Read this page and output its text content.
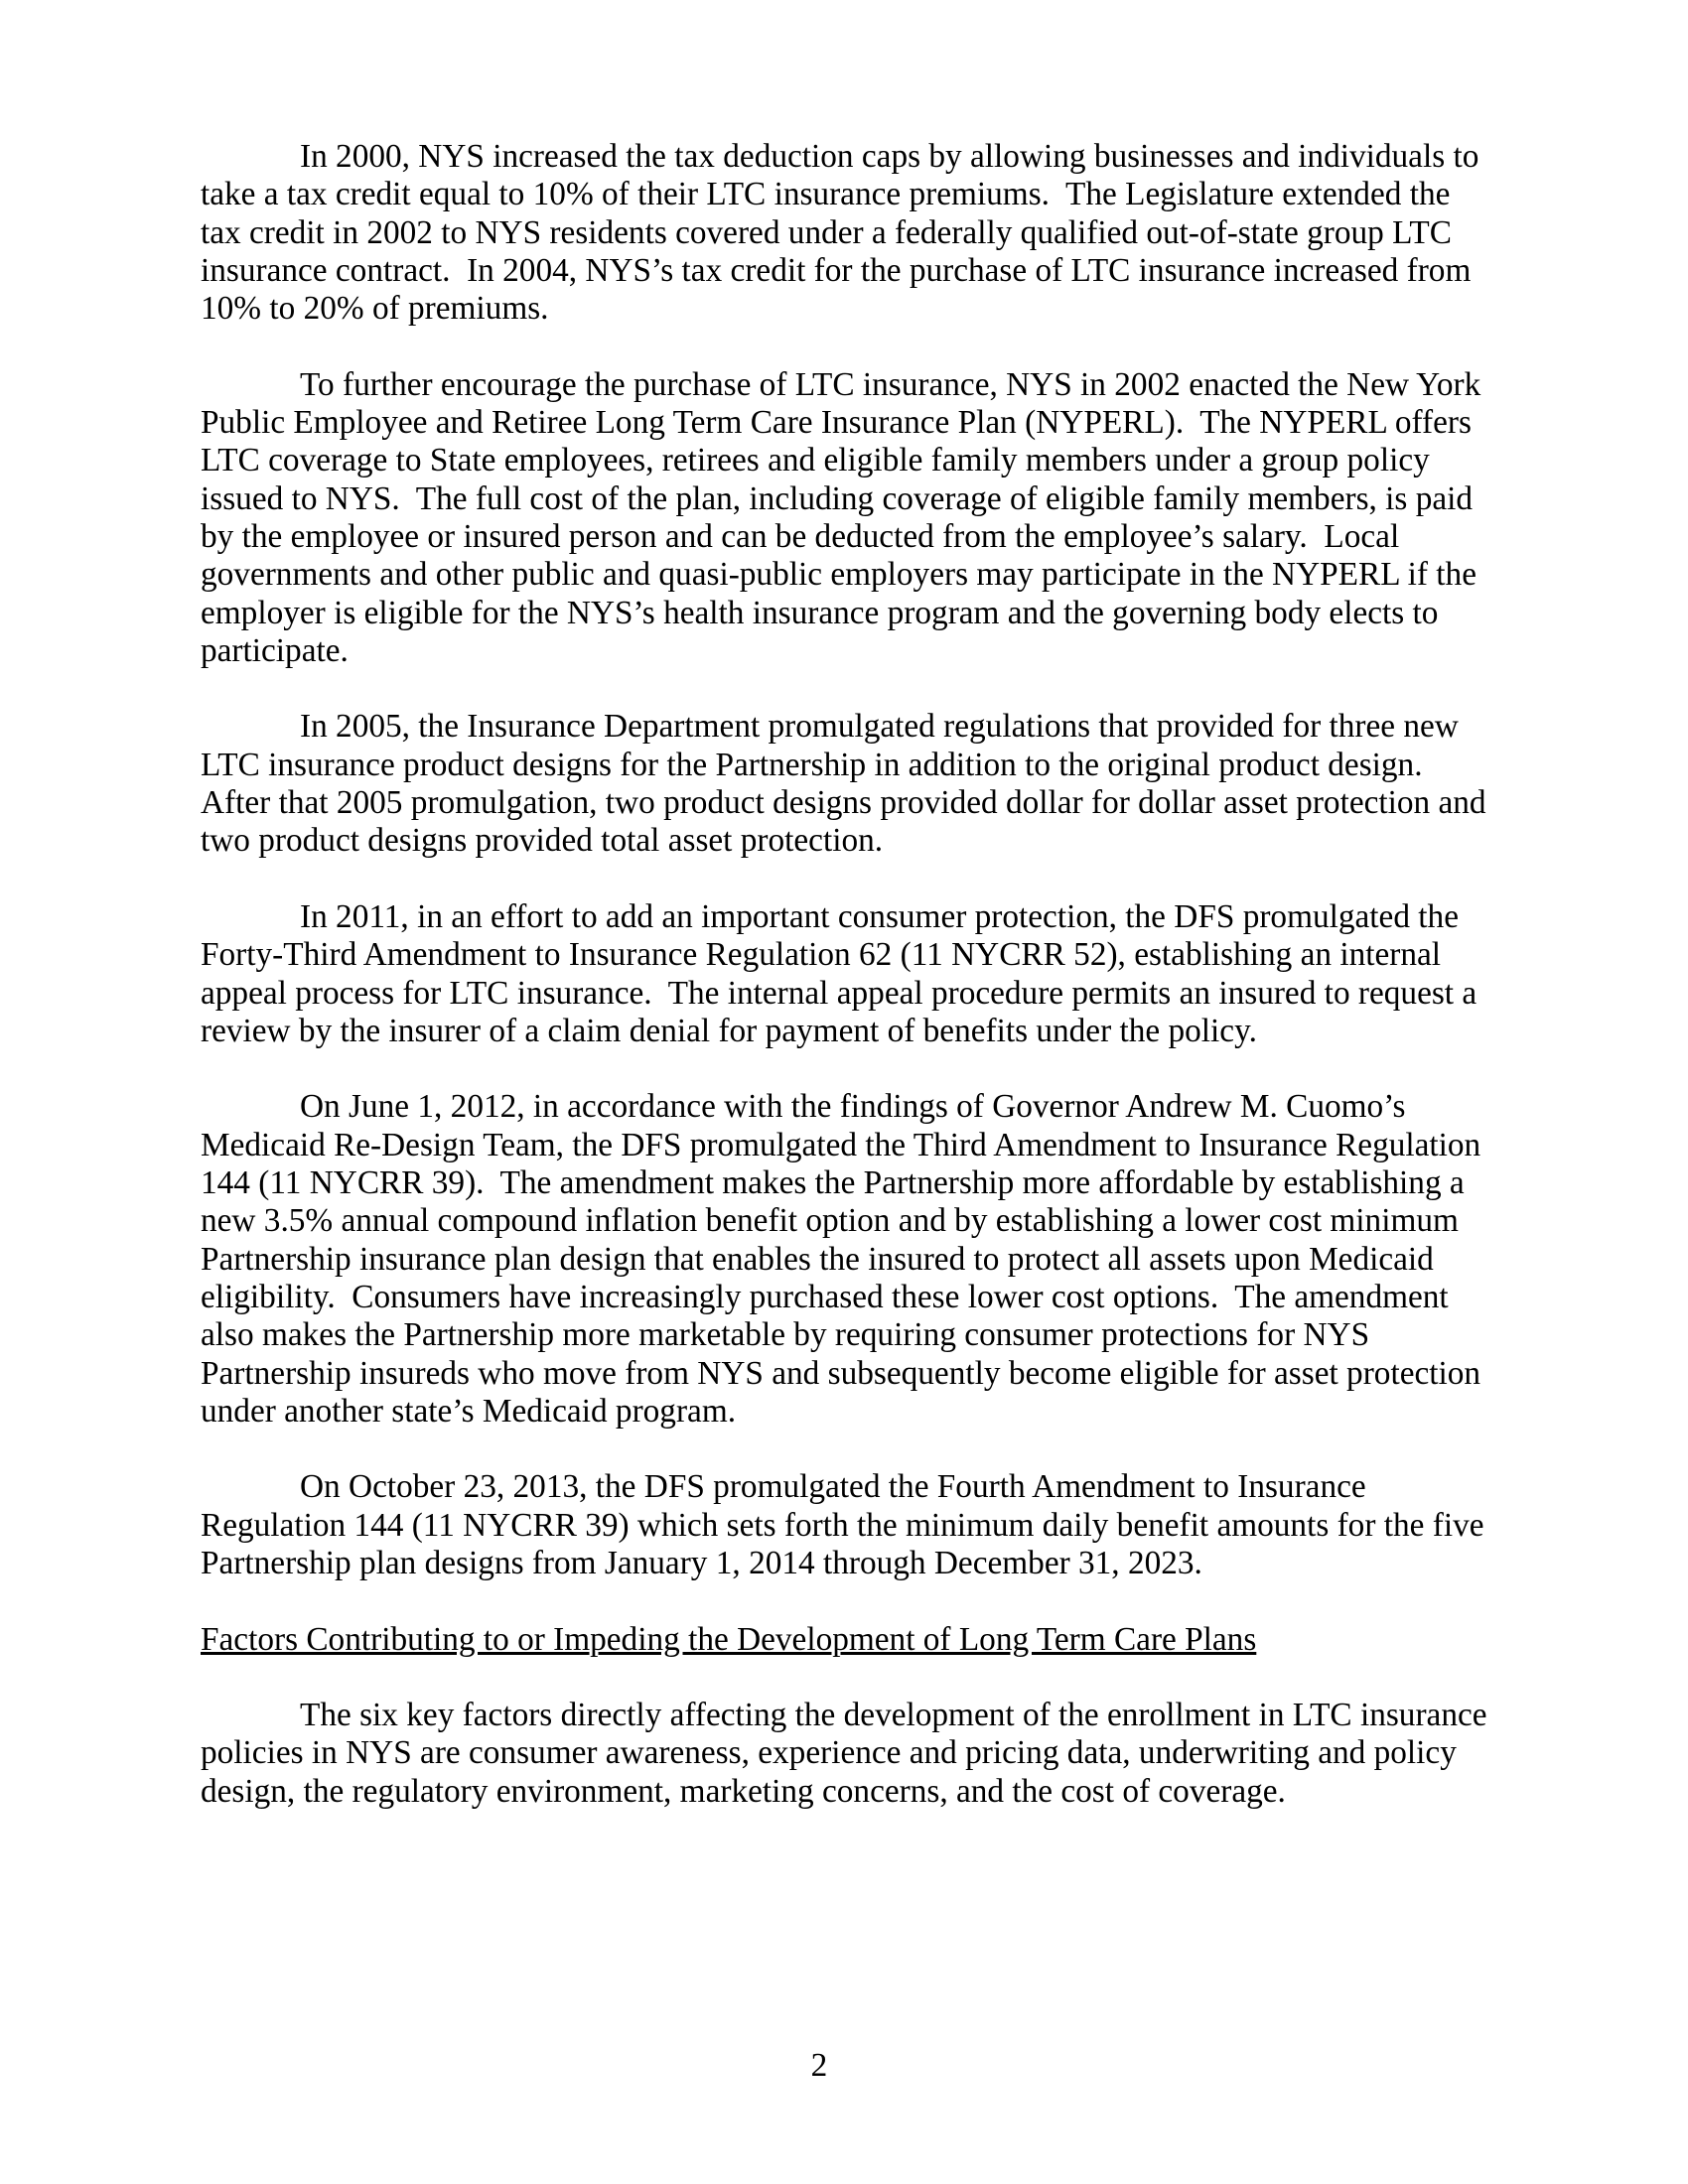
In 2000, NYS increased the tax deduction caps by allowing businesses and individuals to take a tax credit equal to 10% of their LTC insurance premiums.  The Legislature extended the tax credit in 2002 to NYS residents covered under a federally qualified out-of-state group LTC insurance contract.  In 2004, NYS’s tax credit for the purchase of LTC insurance increased from 10% to 20% of premiums.

To further encourage the purchase of LTC insurance, NYS in 2002 enacted the New York Public Employee and Retiree Long Term Care Insurance Plan (NYPERL).  The NYPERL offers LTC coverage to State employees, retirees and eligible family members under a group policy issued to NYS.  The full cost of the plan, including coverage of eligible family members, is paid by the employee or insured person and can be deducted from the employee’s salary.  Local governments and other public and quasi-public employers may participate in the NYPERL if the employer is eligible for the NYS’s health insurance program and the governing body elects to participate.

In 2005, the Insurance Department promulgated regulations that provided for three new LTC insurance product designs for the Partnership in addition to the original product design.  After that 2005 promulgation, two product designs provided dollar for dollar asset protection and two product designs provided total asset protection.

In 2011, in an effort to add an important consumer protection, the DFS promulgated the Forty-Third Amendment to Insurance Regulation 62 (11 NYCRR 52), establishing an internal appeal process for LTC insurance.  The internal appeal procedure permits an insured to request a review by the insurer of a claim denial for payment of benefits under the policy.

On June 1, 2012, in accordance with the findings of Governor Andrew M. Cuomo’s Medicaid Re-Design Team, the DFS promulgated the Third Amendment to Insurance Regulation 144 (11 NYCRR 39).  The amendment makes the Partnership more affordable by establishing a new 3.5% annual compound inflation benefit option and by establishing a lower cost minimum Partnership insurance plan design that enables the insured to protect all assets upon Medicaid eligibility.  Consumers have increasingly purchased these lower cost options.  The amendment also makes the Partnership more marketable by requiring consumer protections for NYS Partnership insureds who move from NYS and subsequently become eligible for asset protection under another state’s Medicaid program.

On October 23, 2013, the DFS promulgated the Fourth Amendment to Insurance Regulation 144 (11 NYCRR 39) which sets forth the minimum daily benefit amounts for the five Partnership plan designs from January 1, 2014 through December 31, 2023.

Factors Contributing to or Impeding the Development of Long Term Care Plans

The six key factors directly affecting the development of the enrollment in LTC insurance policies in NYS are consumer awareness, experience and pricing data, underwriting and policy design, the regulatory environment, marketing concerns, and the cost of coverage.

2
